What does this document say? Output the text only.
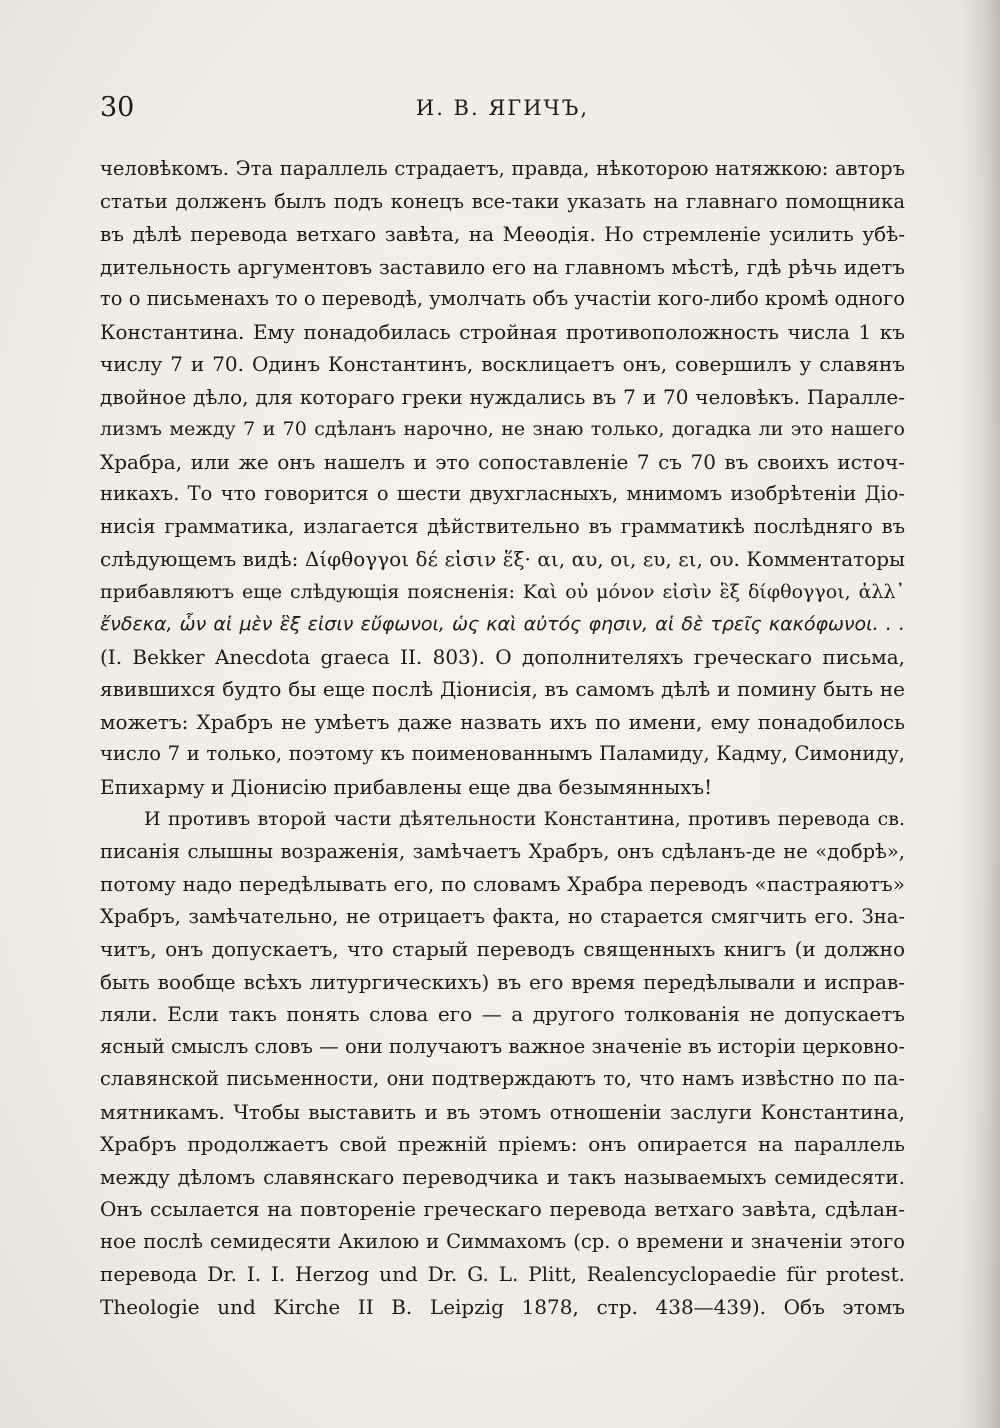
30	И. В. ЯГИЧЪ,
человѣкомъ. Эта параллель страдаетъ, правда, нѣкоторою натяжкою: авторъ
статьи долженъ былъ подъ конецъ все-таки указать на главнаго помощника
въ дѣлѣ перевода ветхаго завѣта, на Меѳодія. Но стремленіе усилить убѣ-
дительность аргументовъ заставило его на главномъ мѣстѣ, гдѣ рѣчь идетъ
то о письменахъ то о переводѣ, умолчать объ участіи кого-либо кромѣ одного
Константина. Ему понадобилась стройная противоположность числа 1 къ
числу 7 и 70. Одинъ Константинъ, восклицаетъ онъ, совершилъ у славянъ
двойное дѣло, для котораго греки нуждались въ 7 и 70 человѣкъ. Паралле-
лизмъ между 7 и 70 сдѣланъ нарочно, не знаю только, догадка ли это нашего
Храбра, или же онъ нашелъ и это сопоставленіе 7 съ 70 въ своихъ источ-
никахъ. То что говорится о шести двухгласныхъ, мнимомъ изобрѣтеніи Діо-
нисія грамматика, излагается дѣйствительно въ грамматикѣ послѣдняго въ
слѣдующемъ видѣ: Δίφθογγοι δέ εἰσιν ἕξ· αι, αυ, οι, ευ, ει, ου. Комментаторы
прибавляютъ еще слѣдующія поясненія: Καὶ οὐ μόνον εἰσὶν ἓξ δίφθογγοι, ἀλλ᾿
ἔνδεκα, ὧν αἱ μὲν ἓξ εἰσιν εὔφωνοι, ὡς καὶ αὐτός φησιν, αἱ δὲ τρεῖς κακόφωνοι. . .
(I. Bekker Anecdota graeca II. 803). О дополнителяхъ греческаго письма,
явившихся будто бы еще послѣ Діонисія, въ самомъ дѣлѣ и помину быть не
можетъ: Храбръ не умѣетъ даже назвать ихъ по имени, ему понадобилось
число 7 и только, поэтому къ поименованнымъ Паламиду, Кадму, Симониду,
Епихарму и Діонисію прибавлены еще два безымянныхъ!
И противъ второй части дѣятельности Константина, противъ перевода св.
писанія слышны возраженія, замѣчаетъ Храбръ, онъ сдѣланъ-де не «добрѣ»,
потому надо передѣлывать его, по словамъ Храбра переводъ «пастраяютъ»
Храбръ, замѣчательно, не отрицаетъ факта, но старается смягчить его. Зна-
читъ, онъ допускаетъ, что старый переводъ священныхъ книгъ (и должно
быть вообще всѣхъ литургическихъ) въ его время передѣлывали и исправ-
ляли. Если такъ понять слова его — а другого толкованія не допускаетъ
ясный смыслъ словъ — они получаютъ важное значеніе въ исторіи церковно-
славянской письменности, они подтверждаютъ то, что намъ извѣстно по па-
мятникамъ. Чтобы выставить и въ этомъ отношеніи заслуги Константина,
Храбръ продолжаетъ свой прежній пріемъ: онъ опирается на параллель
между дѣломъ славянскаго переводчика и такъ называемыхъ семидесяти.
Онъ ссылается на повтореніе греческаго перевода ветхаго завѣта, сдѣлан-
ное послѣ семидесяти Акилою и Симмахомъ (ср. о времени и значеніи этого
перевода Dr. I. I. Herzog und Dr. G. L. Plitt, Realencyclopaedie für protest.
Theologie und Kirche II B. Leipzig 1878, стр. 438—439). Объ этомъ
